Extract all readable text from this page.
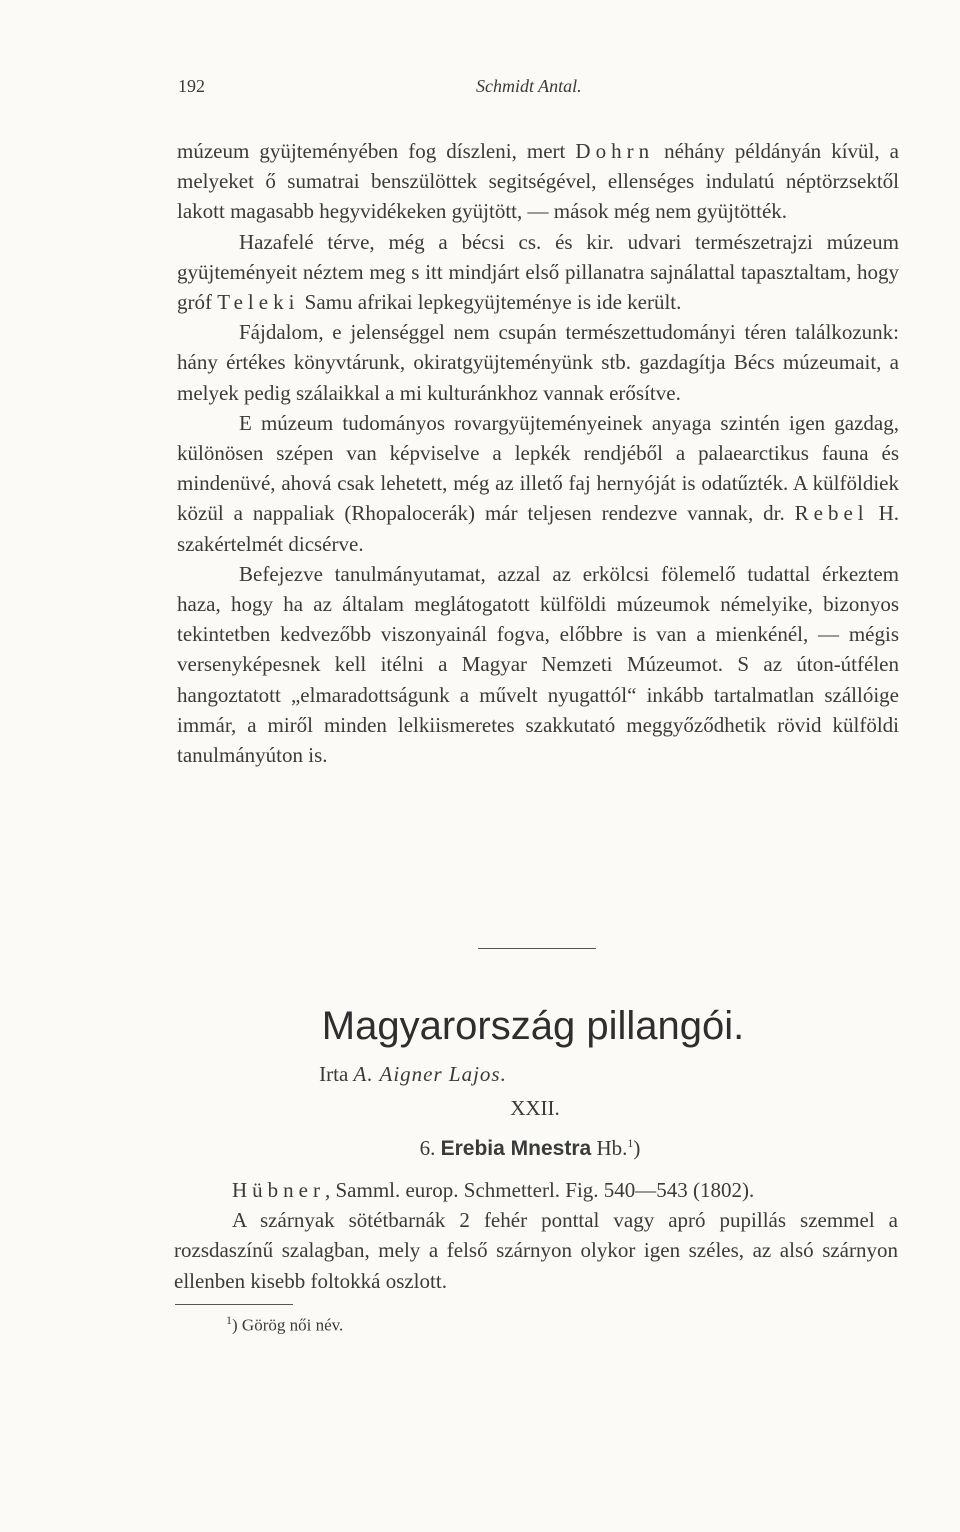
192	Schmidt Antal.

múzeum gyüjteményében fog díszleni, mert Dohrn néhány példányán kívül, a melyeket ő sumatrai benszülöttek segitségével, ellenséges indulatú néptörzsektől lakott magasabb hegyvidékeken gyüjtött, — mások még nem gyüjtötték.

Hazafelé térve, még a bécsi cs. és kir. udvari természetrajzi múzeum gyüjteményeit néztem meg s itt mindjárt első pillanatra sajnálattal tapasztaltam, hogy gróf Teleki Samu afrikai lepkegyüjteménye is ide került.

Fájdalom, e jelenséggel nem csupán természettudományi téren találkozunk: hány értékes könyvtárunk, okiratgyüjteményünk stb. gazdagítja Bécs múzeumait, a melyek pedig szálaikkal a mi kulturánkhoz vannak erősítve.

E múzeum tudományos rovargyüjteményeinek anyaga szintén igen gazdag, különösen szépen van képviselve a lepkék rendjéből a palaearctikus fauna és mindenüvé, ahová csak lehetett, még az illető faj hernyóját is odatűzték. A külföldiek közül a nappaliak (Rhopalocerák) már teljesen rendezve vannak, dr. Rebel H. szakértelmét dicsérve.

Befejezve tanulmányutamat, azzal az erkölcsi fölemelő tudattal érkeztem haza, hogy ha az általam meglátogatott külföldi múzeumok némelyike, bizonyos tekintetben kedvezőbb viszonyainál fogva, előbbre is van a mienkénél, — mégis versenyképesnek kell itélni a Magyar Nemzeti Múzeumot. S az úton-útfélen hangoztatott „elmaradottságunk a művelt nyugattól“ inkább tartalmatlan szállóige immár, a miről minden lelkiismeretes szakkutató meggyőződhetik rövid külföldi tanulmányúton is.

Magyarország pillangói.
Irta A. Aigner Lajos.
XXII.
6. Erebia Mnestra Hb.$^1$)

Hübner, Samml. europ. Schmetterl. Fig. 540—543 (1802).

A szárnyak sötétbarnák 2 fehér ponttal vagy apró pupillás szemmel a rozsdaszínű szalagban, mely a felső szárnyon olykor igen széles, az alsó szárnyon ellenben kisebb foltokká oszlott.

$^1$) Görög női név.
